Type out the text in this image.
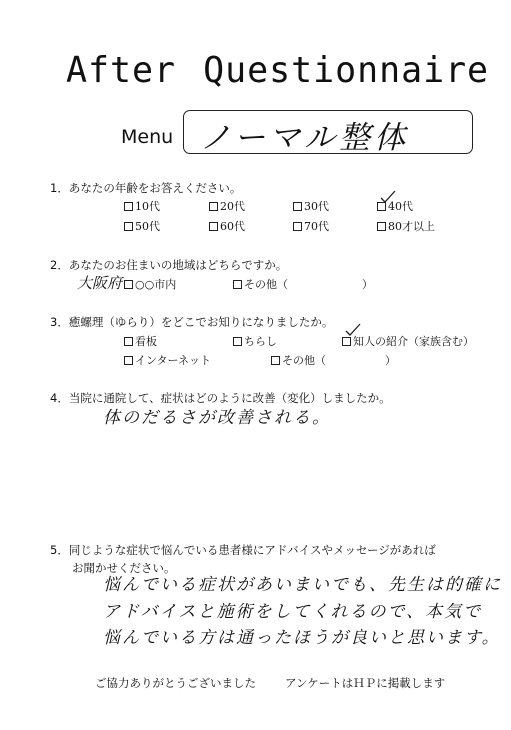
After Questionnaire
Menu ノーマル整体
1．あなたの年齢をお答えください。
10代	20代	30代	40代
50代	60代	70代	80才以上
2．あなたのお住まいの地域はどちらですか。
大阪府	○○市内	その他（	）
3．癒螺理（ゆらり）をどこでお知りになりましたか。
看板	ちらし	知人の紹介（家族含む）
インターネット	その他（	）
4．当院に通院して、症状はどのように改善（変化）しましたか。
体のだるさが改善される。
5．同じような症状で悩んでいる患者様にアドバイスやメッセージがあれば
お聞かせください。
悩んでいる症状があいまいでも、先生は的確に
アドバイスと施術をしてくれるので、本気で
悩んでいる方は通ったほうが良いと思います。
ご協力ありがとうございました	アンケートはＨＰに掲載します
